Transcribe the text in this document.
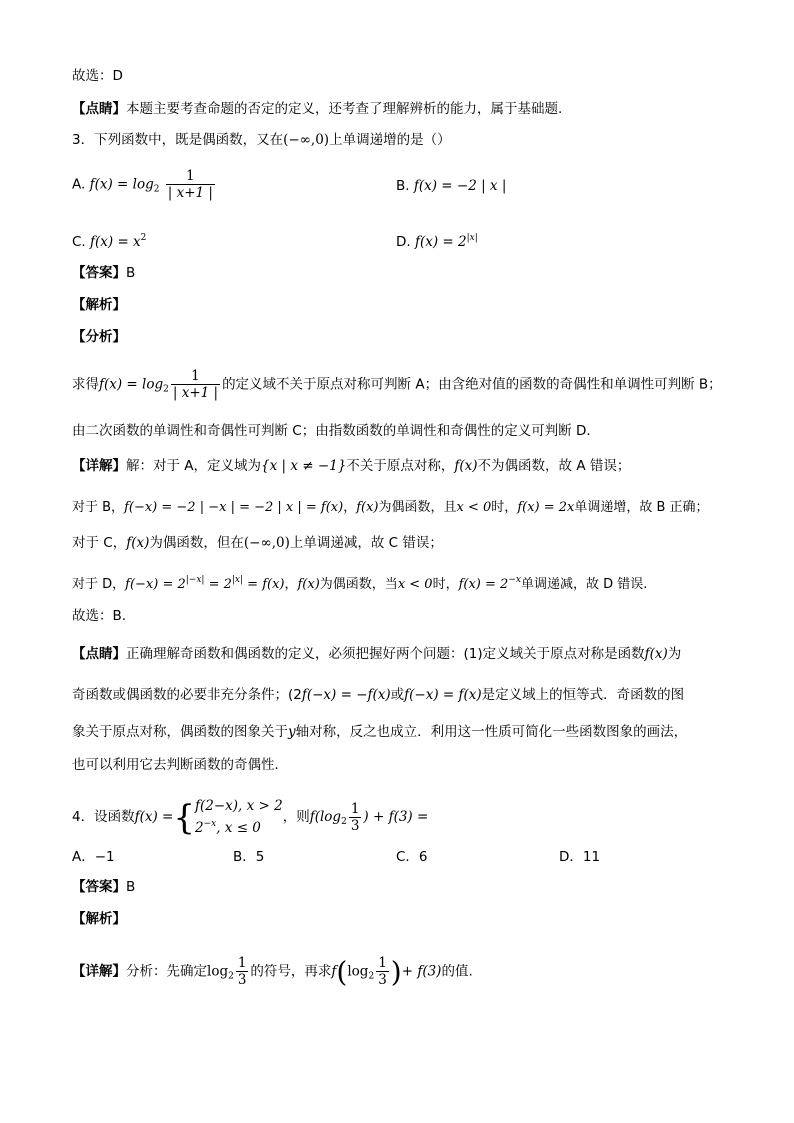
故选：D
【点睛】本题主要考查命题的否定的定义，还考查了理解辨析的能力，属于基础题.
3．下列函数中，既是偶函数，又在(−∞,0)上单调递增的是（）
A. $f(x) = \log_2 \frac{1}{| x+1 |}$	B. f(x) = −2 | x |
C. $f(x) = x^2$	D. $f(x) = 2^{|x|}$
【答案】B
【解析】
【分析】
求得$f(x) = \log_2 \frac{1}{| x+1 |}$ 的定义域不关于原点对称可判断 A；由含绝对值的函数的奇偶性和单调性可判断 B；
由二次函数的单调性和奇偶性可判断 C；由指数函数的单调性和奇偶性的定义可判断 D.
【详解】解：对于 A，定义域为{x | x ≠ −1}不关于原点对称，f(x)不为偶函数，故 A 错误；
对于 B，f(−x) = −2 | −x | = −2 | x | = f(x)，f(x)为偶函数，且x < 0时，f(x) = 2x单调递增，故 B 正确；
对于 C，f(x)为偶函数，但在(−∞,0)上单调递减，故 C 错误；
对于 D，$f(-x) = 2^{|-x|} = 2^{|x|} = f(x)$，f(x)为偶函数，当x < 0时，$f(x) = 2^{-x}$单调递减，故 D 错误.
故选：B.
【点睛】正确理解奇函数和偶函数的定义，必须把握好两个问题：(1)定义域关于原点对称是函数f(x)为
奇函数或偶函数的必要非充分条件；(2f(−x) = −f(x)或f(−x) = f(x)是定义域上的恒等式．奇函数的图
象关于原点对称，偶函数的图象关于y轴对称，反之也成立．利用这一性质可简化一些函数图象的画法，
也可以利用它去判断函数的奇偶性．
4．设函数f(x) ={ f(2−x), x > 2
$2^{-x}$, x ≤ 0
，则$f(\log_2 \frac{1}{3}$ ) + f(3) =
A．−1	B．5	C．6	D．11
【答案】B
【解析】
【详解】分析：先确定$\log_2 \frac{1}{3}$ 的符号，再求$f(\log_2 \frac{1}{3}$ )+ f(3)的值.
